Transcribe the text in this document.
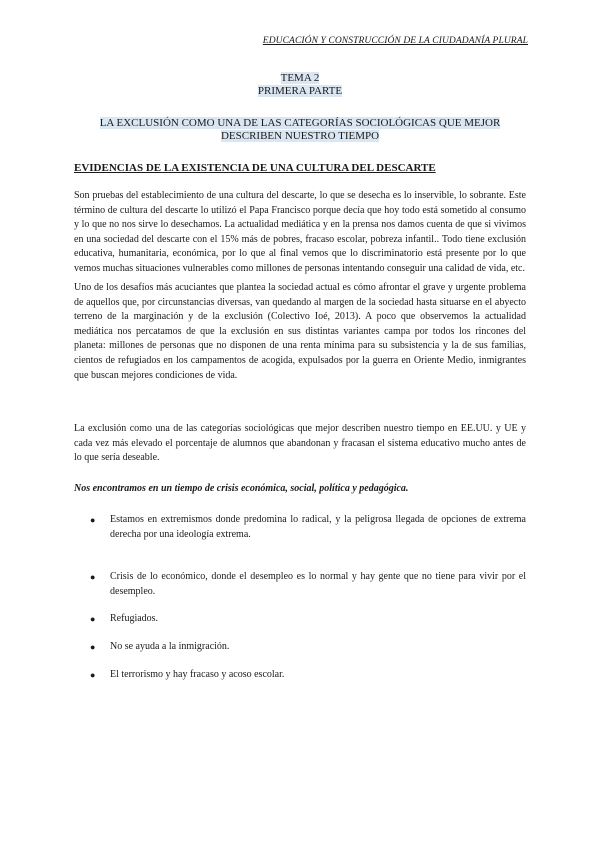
EDUCACIÓN Y CONSTRUCCIÓN DE LA CIUDADANÍA PLURAL
TEMA 2
PRIMERA PARTE
LA EXCLUSIÓN COMO UNA DE LAS CATEGORÍAS SOCIOLÓGICAS QUE MEJOR DESCRIBEN NUESTRO TIEMPO
EVIDENCIAS DE LA EXISTENCIA DE UNA CULTURA DEL DESCARTE

Son pruebas del establecimiento de una cultura del descarte, lo que se desecha es lo inservible, lo sobrante. Este término de cultura del descarte lo utilizó el Papa Francisco porque decía que hoy todo está sometido al consumo y lo que no nos sirve lo desechamos. La actualidad mediática y en la prensa nos damos cuenta de que si vivimos en una sociedad del descarte con el 15% más de pobres, fracaso escolar, pobreza infantil.. Todo tiene exclusión educativa, humanitaria, económica, por lo que al final vemos que lo discriminatorio está presente por lo que vemos muchas situaciones vulnerables como millones de personas intentando conseguir una calidad de vida, etc.

Uno de los desafíos más acuciantes que plantea la sociedad actual es cómo afrontar el grave y urgente problema de aquellos que, por circunstancias diversas, van quedando al margen de la sociedad hasta situarse en el abyecto terreno de la marginación y de la exclusión (Colectivo Ioé, 2013). A poco que observemos la actualidad mediática nos percatamos de que la exclusión en sus distintas variantes campa por todos los rincones del planeta: millones de personas que no disponen de una renta mínima para su subsistencia y la de sus familias, cientos de refugiados en los campamentos de acogida, expulsados por la guerra en Oriente Medio, inmigrantes que buscan mejores condiciones de vida.

La exclusión como una de las categorías sociológicas que mejor describen nuestro tiempo en EE.UU. y UE y cada vez más elevado el porcentaje de alumnos que abandonan y fracasan el sistema educativo mucho antes de lo que sería deseable.

Nos encontramos en un tiempo de crisis económica, social, política y pedagógica.
● Estamos en extremismos donde predomina lo radical, y la peligrosa llegada de opciones de extrema derecha por una ideología extrema.
● Crisis de lo económico, donde el desempleo es lo normal y hay gente que no tiene para vivir por el desempleo.
● Refugiados.
● No se ayuda a la inmigración.
● El terrorismo y hay fracaso y acoso escolar.
